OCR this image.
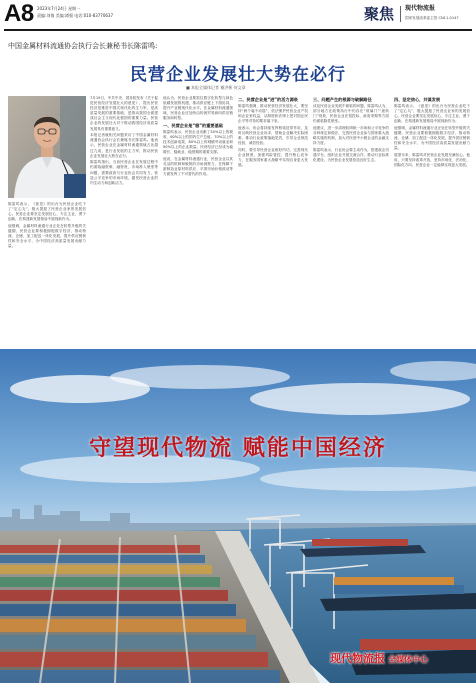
A8 2023年7月24日 星期一
责编:刘倩 美编:谭强 电话:010-83770637	聚焦 现代物流报
国家发展改革委主管 CN11-0147
中国金属材料流通协会执行会长兼秘书长陈雷鸣:
民营企业发展壮大势在必行
■ 本报全媒体记者 谢洪彬 何文章

7月19日，中共中央、国务院发布《关于促进民营经济发展壮大的意见》，提出民营经济是推进中国式现代化的生力军，是高质量发展的重要基础，是推动我国全面建成社会主义现代化强国的重要力量。民营企业的发展壮大对于推动我国经济高质量发展具有重要意义。

本报记者就相关问题采访了中国金属材料流通协会执行会长兼秘书长陈雷鸣。他表示，民营企业在金属材料流通领域占比超过九成，是行业发展的主力军，推动民营企业发展壮大势在必行。

陈雷鸣指出，当前民营企业在发展过程中仍面临融资难、融资贵，市场准入壁垒等问题，需要政府与行业协会共同发力，营造公平竞争的市场环境，激发民营企业的内生动力和创新活力。

陈雷鸣表示，《意见》的出台为民营企业吃下了“定心丸”，极大提振了民营企业家的发展信心。民营企业要坚定发展信心，专注主业，勇于创新，在构建新发展格局中展现新作为。

他强调，金属材料流通行业正处在转型升级的关键期，民营企业要积极拥抱数字经济，推动物流、仓储、加工配送一体化发展，提升供应链韧性和安全水平，为中国经济高质量发展贡献力量。

他认为，民营企业要抓住数字化转型与绿色低碳发展的机遇，推动供应链上下游协同，提升产业链现代化水平。在金属材料流通领域，民营企业应加快由传统贸易商向供应链服务商转型。

一、民营企业是“稳”的重要基础

陈雷鸣表示，民营企业贡献了50%以上的税收、60%以上的国内生产总值、70%以上的技术创新成果、80%以上的城镇劳动就业和90%以上的企业数量。民营经济已经成为稳增长、稳就业、稳预期的重要支撑。

他说，在金属材料流通行业，民营企业以其灵活的机制和敏锐的市场洞察力，在保障下游制造业原材料供应、平抑市场价格波动等方面发挥了不可替代的作用。

二、民营企业是“进”的活力源泉

陈雷鸣强调，推动民营经济发展壮大，要坚持“两个毫不动摇”，依法保护民营企业产权和企业家权益，从制度和法律上把对国企民企平等对待的要求落下来。

他表示，协会将持续发挥桥梁纽带作用，及时反映民营企业诉求，帮助企业解决实际困难，推动行业政策落地见效，引导企业规范经营、诚信经营。

同时，要引导民营企业练好内功，完善现代企业制度，加强风险管控，提升核心竞争力，在服务国家重大战略中实现自身更大发展。

三、问题产生的根源与破解路径

谈及民营企业发展中面临的问题，陈雷鸣认为，部分地方在政策执行中仍存在“玻璃门”“旋转门”现象，民营企业在招投标、政府采购等方面仍面临隐性壁垒。

他建议，进一步清理妨碍统一市场和公平竞争的各种规定和做法，完善民营企业参与国家重大战略实施的机制，加大对民营中小微企业的金融支持力度。

陈雷鸣表示，行业协会要主动作为，搭建政企沟通平台，组织企业开展交流合作，推动行业标准化建设，为民营企业发展营造良好生态。

四、坚定信心，共谋发展

陈雷鸣表示，《意见》的出台为民营企业吃下了“定心丸”，极大提振了民营企业家的发展信心。民营企业要坚定发展信心，专注主业，勇于创新，在构建新发展格局中展现新作为。

他强调，金属材料流通行业正处在转型升级的关键期，民营企业要积极拥抱数字经济，推动物流、仓储、加工配送一体化发展，提升供应链韧性和安全水平，为中国经济高质量发展贡献力量。

展望未来，陈雷鸣对民营企业发展充满信心。他说，只要坚持改革开放，坚持市场化、法治化、国际化方向，民营企业一定能够实现更大发展。

守望现代物流 赋能中国经济
现代物流报 全媒体中心
